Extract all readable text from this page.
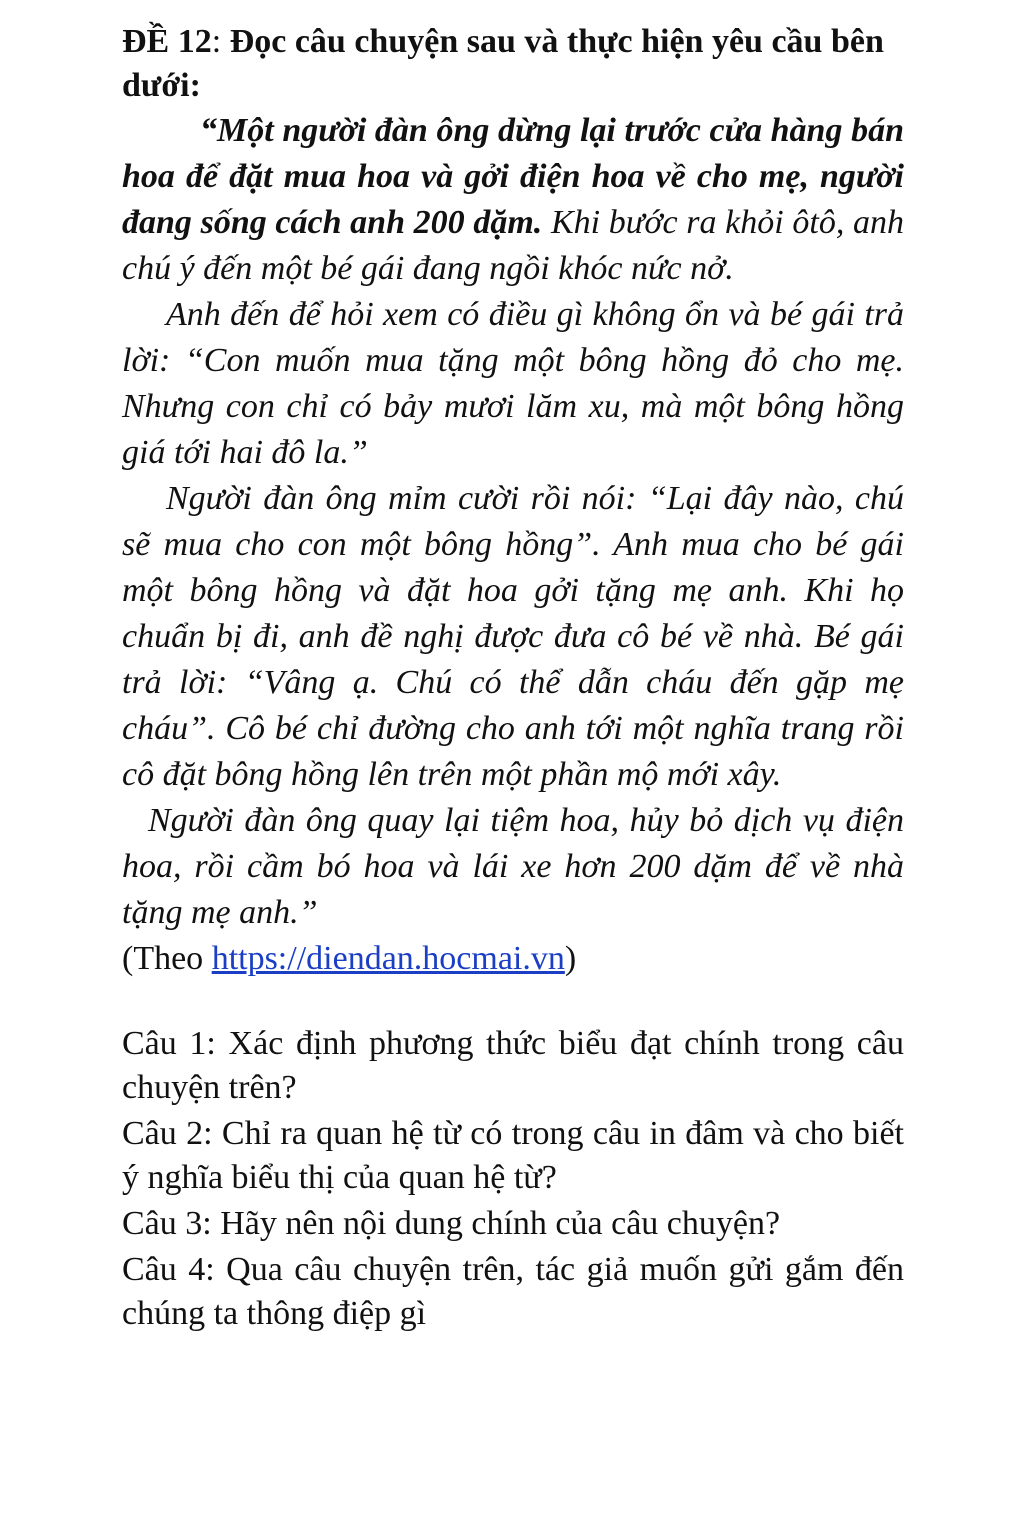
ĐỀ 12: Đọc câu chuyện sau và thực hiện yêu cầu bên dưới:

“Một người đàn ông dừng lại trước cửa hàng bán hoa để đặt mua hoa và gởi điện hoa về cho mẹ, người đang sống cách anh 200 dặm. Khi bước ra khỏi ôtô, anh chú ý đến một bé gái đang ngồi khóc nức nở.

Anh đến để hỏi xem có điều gì không ổn và bé gái trả lời: “Con muốn mua tặng một bông hồng đỏ cho mẹ. Nhưng con chỉ có bảy mươi lăm xu, mà một bông hồng giá tới hai đô la.”

Người đàn ông mỉm cười rồi nói: “Lại đây nào, chú sẽ mua cho con một bông hồng”. Anh mua cho bé gái một bông hồng và đặt hoa gởi tặng mẹ anh. Khi họ chuẩn bị đi, anh đề nghị được đưa cô bé về nhà. Bé gái trả lời: “Vâng ạ. Chú có thể dẫn cháu đến gặp mẹ cháu”. Cô bé chỉ đường cho anh tới một nghĩa trang rồi cô đặt bông hồng lên trên một phần mộ mới xây.

Người đàn ông quay lại tiệm hoa, hủy bỏ dịch vụ điện hoa, rồi cầm bó hoa và lái xe hơn 200 dặm để về nhà tặng mẹ anh.”

(Theo https://diendan.hocmai.vn)

Câu 1: Xác định phương thức biểu đạt chính trong câu chuyện trên?

Câu 2: Chỉ ra quan hệ từ có trong câu in đâm và cho biết ý nghĩa biểu thị của quan hệ từ?

Câu 3: Hãy nên nội dung chính của câu chuyện?

Câu 4: Qua câu chuyện trên, tác giả muốn gửi gắm đến chúng ta thông điệp gì
